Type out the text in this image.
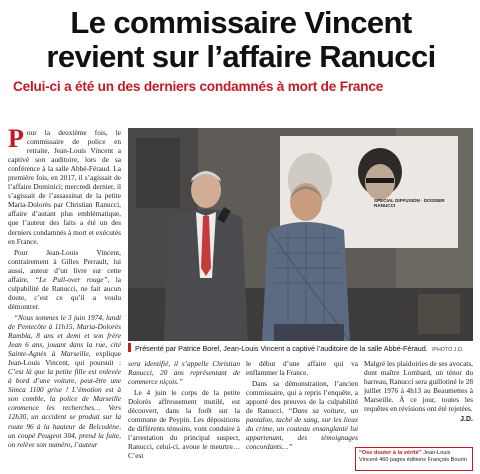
Le commissaire Vincent
revient sur l’affaire Ranucci
Celui-ci a été un des derniers condamnés à mort de France

Pour la deuxième fois, le commissaire de police en retraite, Jean-Louis Vincent a captivé son auditoire, lors de sa conférence à la salle Abbé-Féraud. La première fois, en 2017, il s’agissait de l’affaire Dominici; mercredi dernier, il s’agissait de l’assassinat de la petite Maria-Dolorès par Christian Ranucci, affaire d’autant plus emblématique, que l’auteur des faits a été un des derniers condamnés à mort et exécutés en France.

Pour Jean-Louis Vincent, contrairement à Gilles Perrault, lui aussi, auteur d’un livre sur cette affaire, “Le Pull-over rouge”, la culpabilité de Ranucci, ne fait aucun doute, c’est ce qu’il a voulu démontrer.

“Nous sommes le 3 juin 1974, lundi de Pentecôte à 11h15, Maria-Dolorès Rambla, 8 ans et demi et son frère Jean 6 ans, jouant dans la rue, cité Sainte-Agnès à Marseille, explique Jean-Louis Vincent, qui poursuit : C’est là que la petite fille est enlevée à bord d’une voiture, peut-être une Simca 1100 grise ! L’émotion est à son comble, la police de Marseille commence les recherches… Vers 12h30, un accident se produit sur la route 96 à la hauteur de Belcodène, un coupé Peugeot 304, prend la fuite, on relève son numéro, l’auteur

SPECIAL DIFFUSION · DOSSIER RANUCCI
Présenté par Patrice Borel, Jean-Louis Vincent a captivé l’auditoire de la salle Abbé-Féraud. /PHOTO J.D.

sera identifié, il s’appelle Christian Ranucci, 20 ans représentant de commerce niçois.”

Le 4 juin le corps de la petite Dolorès affreusement mutilé, est découvert, dans la forêt sur la commune de Peypin. Les dépositions de différents témoins, vont conduire à l’arrestation du principal suspect, Ranucci, celui-ci, avoue le meurtre… C’est

le début d’une affaire qui va enflammer la France.

Dans sa démonstration, l’ancien commissaire, qui a repris l’enquête, a apporté des preuves de la culpabilité de Ranucci. “Dans sa voiture, un pantalon, taché de sang, sur les lieux du crime, un couteau ensanglanté lui appartenant, des témoignages concordants…”

Malgré les plaidoiries de ses avocats, dont maître Lombard, un ténor du barreau, Ranucci sera guillotiné le 28 juillet 1976 à 4h13 au Beaumettes à Marseille. À ce jour, toutes les requêtes en révisions ont été rejetées.

J.D.
“Ose douter à la vérité” Jean-Louis Vincent 460 pages éditions François Bourin
